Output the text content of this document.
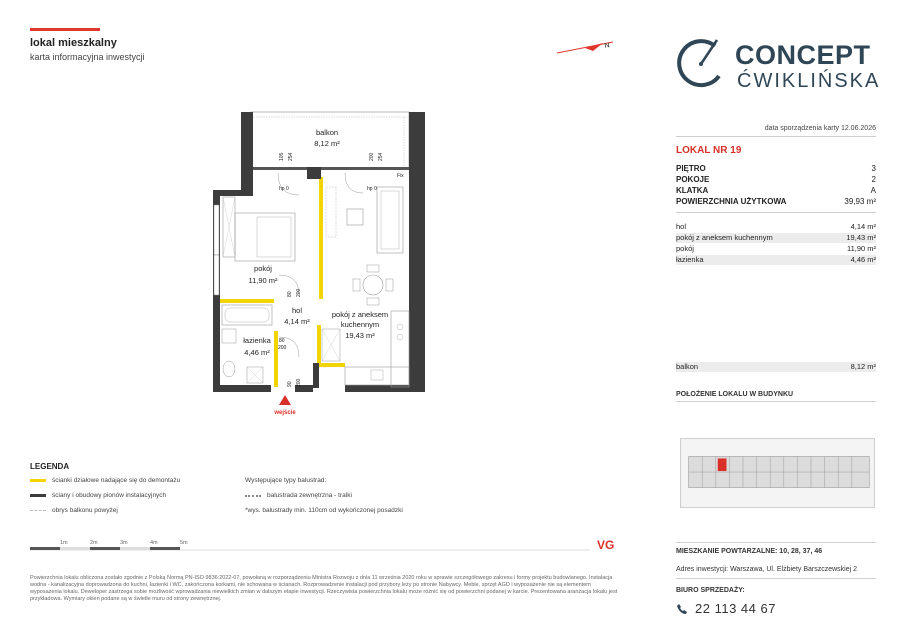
lokal mieszkalny
karta informacyjna inwestycji
N
balkon
8,12 m²
pokój
11,90 m²
hol
4,14 m²
pokój z aneksem
kuchennym
19,43 m²
łazienka
4,46 m²
wejście
105 254	200 254
hp 0	hp 0
Fix
80 200
80
200
90 200
CONCEPT
ĆWIKLIŃSKA
data sporządzenia karty 12.06.2026
LOKAL NR 19
PIĘTRO	3
POKOJE	2
KLATKA	A
POWIERZCHNIA UŻYTKOWA	39,93 m²
hol	4,14 m²
pokój z aneksem kuchennym	19,43 m²
pokój	11,90 m²
łazienka	4,46 m²
balkon	8,12 m²
POŁOŻENIE LOKALU W BUDYNKU
MIESZKANIE POWTARZALNE: 10, 28, 37, 46
Adres inwestycji: Warszawa, Ul. Elżbiety Barszczewskiej 2
BIURO SPRZEDAŻY:
22 113 44 67
LEGENDA
ścianki działowe nadające się do demontażu
ściany i obudowy pionów instalacyjnych
obrys balkonu powyżej
Występujące typy balustrad:
balustrada zewnętrzna - tralki
*wys. balustrady min. 110cm od wykończonej posadzki
1m	2m	3m	4m	5m	VG
Powierzchnia lokalu obliczona zostało zgodnie z Polską Normą PN-ISO 9836:2022-07, powołaną w rozporządzeniu Ministra Rozwoju z dnia 11 września 2020 roku w sprawie szczegółowego zakresu i formy projektu budowlanego. Instalacja wodna - kanalizacyjna doprowadzona do kuchni, łazienki i WC, zakończona korkami, nie schowana w ścianach. Rozprowadzenie instalacji pod przybory leży po stronie Nabywcy. Meble, sprzęt AGD i wyposażenie nie są elementem wyposażenia lokalu. Deweloper zastrzega sobie możliwość wprowadzania niewielkich zmian w dalszym etapie inwestycji. Rzeczywista powierzchnia lokalu może różnić się od powierzchni podanej w karcie. Prezentowana aranżacja lokalu jest przykładowa. Wymiary okien podane są w świetle muru od strony zewnętrznej.
